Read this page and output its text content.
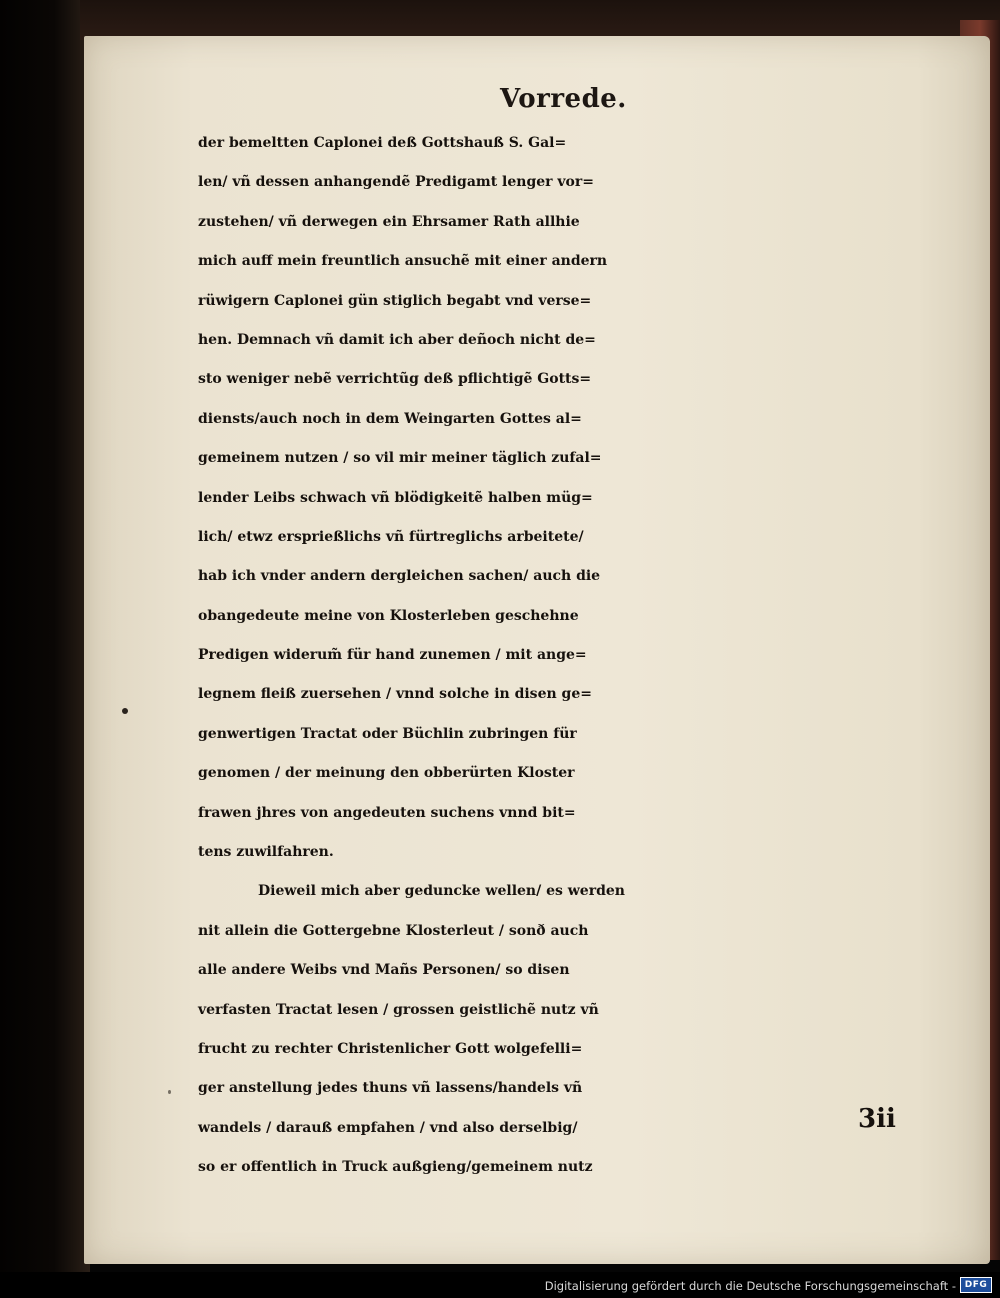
Vorrede.
der bemeltten Caplonei deß Gottshauß S. Gal=
len/ vñ dessen anhangendẽ Predigamt lenger vor=
zustehen/ vñ derwegen ein Ehrsamer Rath allhie
mich auff mein freuntlich ansuchẽ mit einer andern
rüwigern Caplonei gün stiglich begabt vnd verse=
hen. Demnach vñ damit ich aber deñoch nicht de=
sto weniger nebẽ verrichtũg deß pflichtigẽ Gotts=
diensts/auch noch in dem Weingarten Gottes al=
gemeinem nutzen / so vil mir meiner täglich zufal=
lender Leibs schwach vñ blödigkeitẽ halben müg=
lich/ etwz ersprießlichs vñ fürtreglichs arbeitete/
hab ich vnder andern dergleichen sachen/ auch die
obangedeute meine von Klosterleben geschehne
Predigen widerum̃ für hand zunemen / mit ange=
legnem fleiß zuersehen / vnnd solche in disen ge=
genwertigen Tractat oder Büchlin zubringen für
genomen / der meinung den obberürten Kloster
frawen jhres von angedeuten suchens vnnd bit=
tens zuwilfahren.
Dieweil mich aber geduncke wellen/ es werden
nit allein die Gottergebne Klosterleut / sonð auch
alle andere Weibs vnd Mañs Personen/ so disen
verfasten Tractat lesen / grossen geistlichẽ nutz vñ
frucht zu rechter Christenlicher Gott wolgefelli=
ger anstellung jedes thuns vñ lassens/handels vñ
wandels / darauß empfahen / vnd also derselbig/
so er offentlich in Truck außgieng/gemeinem nutz
3ii
Digitalisierung gefördert durch die Deutsche Forschungsgemeinschaft - DFG
